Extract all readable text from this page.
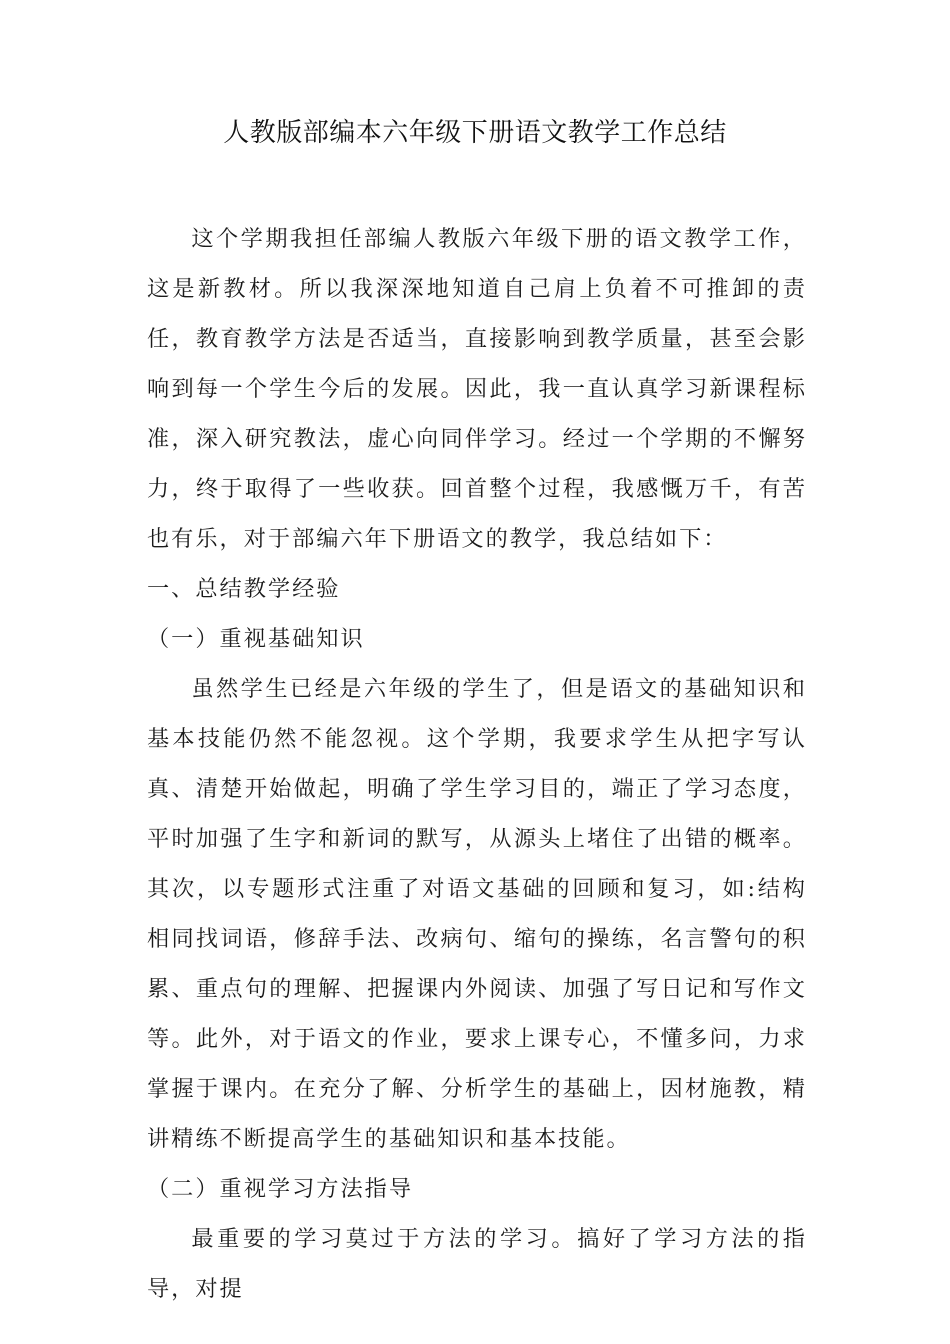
人教版部编本六年级下册语文教学工作总结

这个学期我担任部编人教版六年级下册的语文教学工作，这是新教材。所以我深深地知道自己肩上负着不可推卸的责任，教育教学方法是否适当，直接影响到教学质量，甚至会影响到每一个学生今后的发展。因此，我一直认真学习新课程标准，深入研究教法，虚心向同伴学习。经过一个学期的不懈努力，终于取得了一些收获。回首整个过程，我感慨万千，有苦也有乐，对于部编六年下册语文的教学，我总结如下：

一、总结教学经验

（一）重视基础知识

虽然学生已经是六年级的学生了，但是语文的基础知识和基本技能仍然不能忽视。这个学期，我要求学生从把字写认真、清楚开始做起，明确了学生学习目的，端正了学习态度，平时加强了生字和新词的默写，从源头上堵住了出错的概率。其次，以专题形式注重了对语文基础的回顾和复习，如:结构相同找词语，修辞手法、改病句、缩句的操练，名言警句的积累、重点句的理解、把握课内外阅读、加强了写日记和写作文等。此外，对于语文的作业，要求上课专心，不懂多问，力求掌握于课内。在充分了解、分析学生的基础上，因材施教，精讲精练不断提高学生的基础知识和基本技能。

（二）重视学习方法指导

最重要的学习莫过于方法的学习。搞好了学习方法的指导，对提
